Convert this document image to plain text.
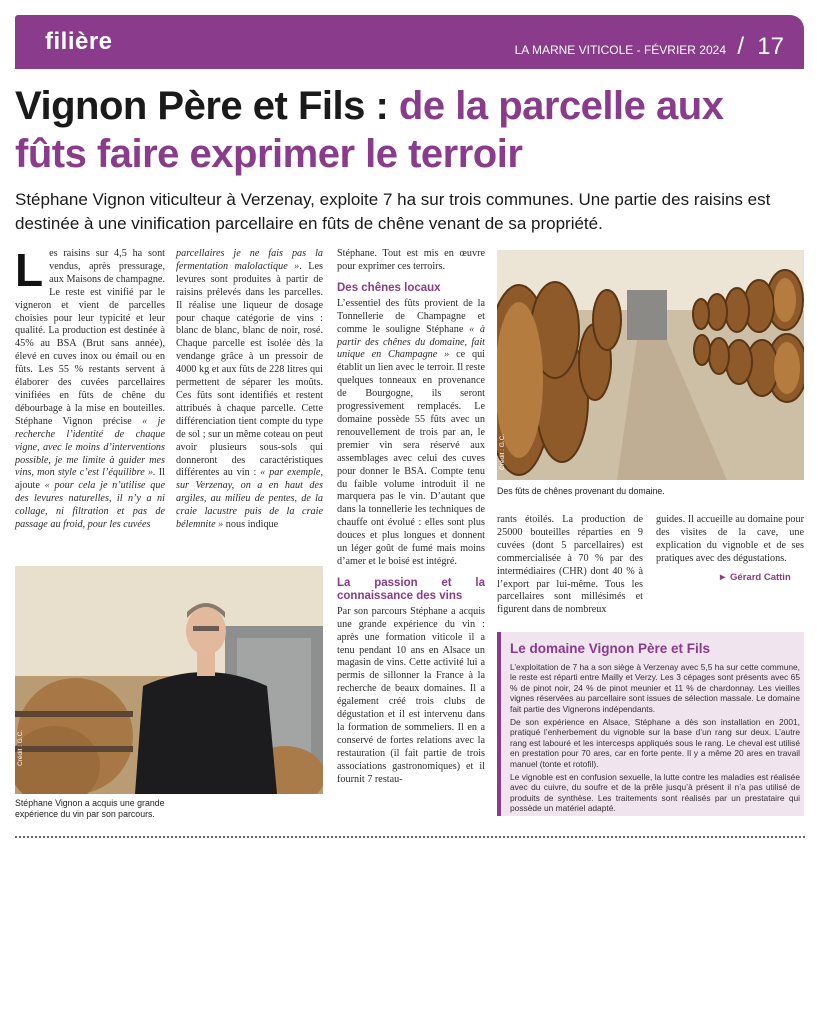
filière	LA MARNE VITICOLE - FÉVRIER 2024 / 17
Vignon Père et Fils : de la parcelle aux fûts faire exprimer le terroir

Stéphane Vignon viticulteur à Verzenay, exploite 7 ha sur trois communes. Une partie des raisins est destinée à une vinification parcellaire en fûts de chêne venant de sa propriété.

L es raisins sur 4,5 ha sont vendus, après pressurage, aux Maisons de champagne. Le reste est vinifié par le vigneron et vient de parcelles choisies pour leur typicité et leur qualité. La production est destinée à 45% au BSA (Brut sans année), élevé en cuves inox ou émail ou en fûts. Les 55 % restants servent à élaborer des cuvées parcellaires vinifiées en fûts de chêne du débourbage à la mise en bouteilles. Stéphane Vignon précise « je recherche l’identité de chaque vigne, avec le moins d’interventions possible, je me limite à guider mes vins, mon style c’est l’équilibre ». Il ajoute « pour cela je n’utilise que des levures naturelles, il n’y a ni collage, ni filtration et pas de passage au froid, pour les cuvées

parcellaires je ne fais pas la fermentation malolactique ». Les levures sont produites à partir de raisins prélevés dans les parcelles. Il réalise une liqueur de dosage pour chaque catégorie de vins : blanc de blanc, blanc de noir, rosé. Chaque parcelle est isolée dès la vendange grâce à un pressoir de 4000 kg et aux fûts de 228 litres qui permettent de séparer les moûts. Ces fûts sont identifiés et restent attribués à chaque parcelle. Cette différenciation tient compte du type de sol ; sur un même coteau on peut avoir plusieurs sous-sols qui donneront des caractéristiques différentes au vin : « par exemple, sur Verzenay, on a en haut des argiles, au milieu de pentes, de la craie lacustre puis de la craie bélemnite » nous indique

Crédit : G.C.

Stéphane Vignon a acquis une grande expérience du vin par son parcours.

Stéphane. Tout est mis en œuvre pour exprimer ces terroirs.

Des chênes locaux

L’essentiel des fûts provient de la Tonnellerie de Champagne et comme le souligne Stéphane « à partir des chênes du domaine, fait unique en Champagne » ce qui établit un lien avec le terroir. Il reste quelques tonneaux en provenance de Bourgogne, ils seront progressivement remplacés. Le domaine possède 55 fûts avec un renouvellement de trois par an, le premier vin sera réservé aux assemblages avec celui des cuves pour donner le BSA. Compte tenu du faible volume introduit il ne marquera pas le vin. D’autant que dans la tonnellerie les techniques de chauffe ont évolué : elles sont plus douces et plus longues et donnent un léger goût de fumé mais moins d’amer et le boisé est intégré.

La passion et la connaissance des vins

Par son parcours Stéphane a acquis une grande expérience du vin : après une formation viticole il a tenu pendant 10 ans en Alsace un magasin de vins. Cette activité lui a permis de sillonner la France à la recherche de beaux domaines. Il a également créé trois clubs de dégustation et il est intervenu dans la formation de sommeliers. Il en a conservé de fortes relations avec la restauration (il fait partie de trois associations gastronomiques) et il fournit 7 restau-

Crédit : G.C.

Des fûts de chênes provenant du domaine.

rants étoilés. La production de 25000 bouteilles réparties en 9 cuvées (dont 5 parcellaires) est commercialisée à 70 % par des intermédiaires (CHR) dont 40 % à l’export par lui-même. Tous les parcellaires sont millésimés et figurent dans de nombreux

guides. Il accueille au domaine pour des visites de la cave, une explication du vignoble et de ses pratiques avec des dégustations.

► Gérard Cattin
Le domaine Vignon Père et Fils

L’exploitation de 7 ha a son siège à Verzenay avec 5,5 ha sur cette commune, le reste est réparti entre Mailly et Verzy. Les 3 cépages sont présents avec 65 % de pinot noir, 24 % de pinot meunier et 11 % de chardonnay. Les vieilles vignes réservées au parcellaire sont issues de sélection massale. Le domaine fait partie des Vignerons indépendants.

De son expérience en Alsace, Stéphane a dès son installation en 2001, pratiqué l’enherbement du vignoble sur la base d’un rang sur deux. L’autre rang est labouré et les intercesps appliqués sous le rang. Le cheval est utilisé en prestation pour 70 ares, car en forte pente. Il y a même 20 ares en travail manuel (tonte et rotofil).

Le vignoble est en confusion sexuelle, la lutte contre les maladies est réalisée avec du cuivre, du soufre et de la prêle jusqu’à présent il n’a pas utilisé de produits de synthèse. Les traitements sont réalisés par un prestataire qui possède un matériel adapté.
